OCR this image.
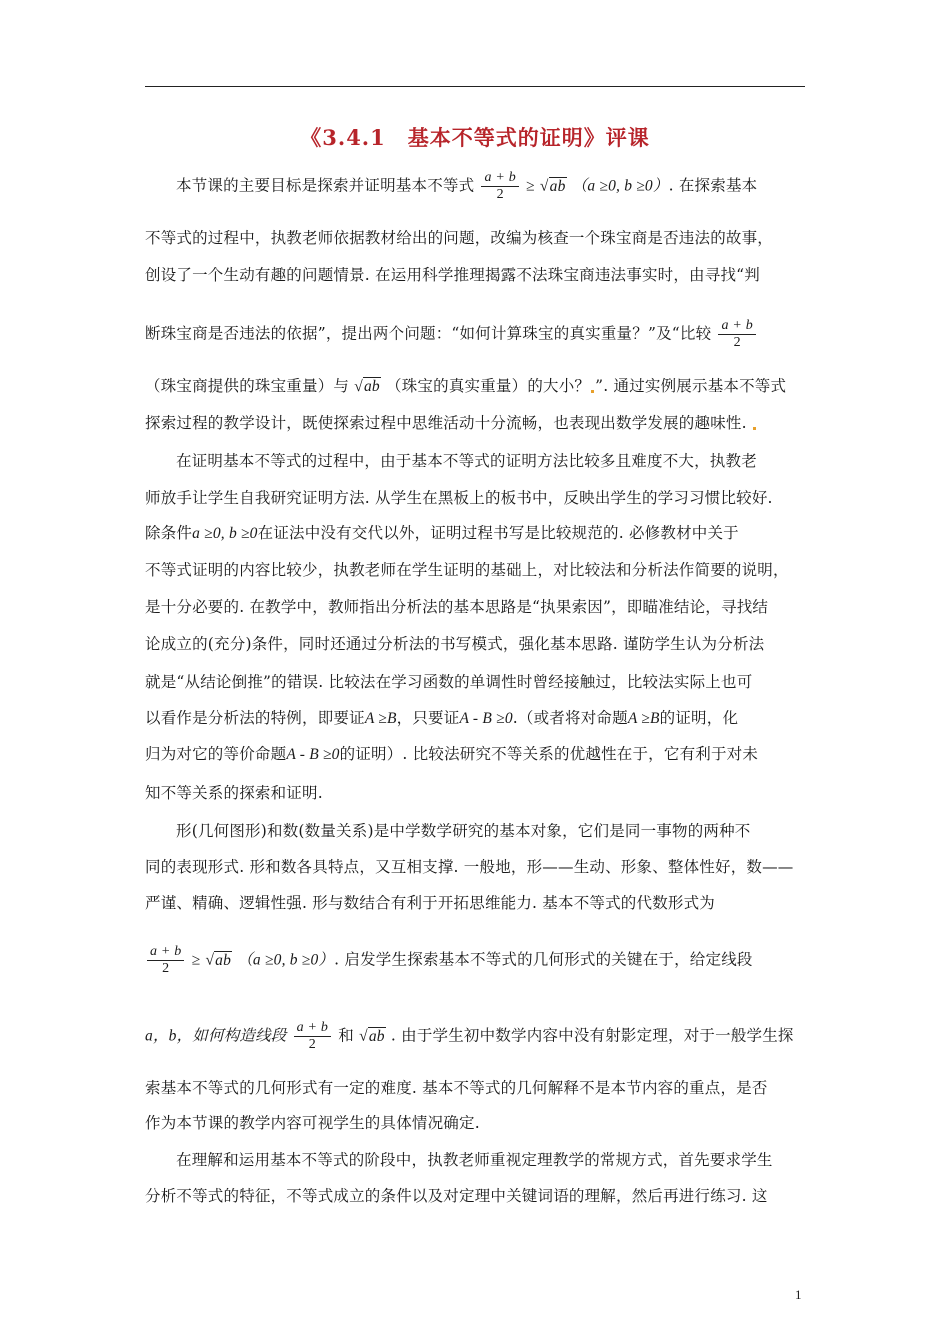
《3.4.1　基本不等式的证明》评课
本节课的主要目标是探索并证明基本不等式 $\frac{a + b}{2} \ge √ab$ （a ≥0, b ≥0）. 在探索基本
不等式的过程中，执教老师依据教材给出的问题，改编为核查一个珠宝商是否违法的故事，
创设了一个生动有趣的问题情景. 在运用科学推理揭露不法珠宝商违法事实时，由寻找“判
断珠宝商是否违法的依据”，提出两个问题：“如何计算珠宝的真实重量？”及“比较 $\frac{a + b}{2}$
（珠宝商提供的珠宝重量）与 √ab （珠宝的真实重量）的大小？ ”. 通过实例展示基本不等式
探索过程的教学设计，既使探索过程中思维活动十分流畅，也表现出数学发展的趣味性.
在证明基本不等式的过程中，由于基本不等式的证明方法比较多且难度不大，执教老
师放手让学生自我研究证明方法. 从学生在黑板上的板书中，反映出学生的学习习惯比较好.
除条件a ≥0, b ≥0在证法中没有交代以外，证明过程书写是比较规范的. 必修教材中关于
不等式证明的内容比较少，执教老师在学生证明的基础上，对比较法和分析法作简要的说明，
是十分必要的. 在教学中，教师指出分析法的基本思路是“执果索因”，即瞄准结论，寻找结
论成立的(充分)条件，同时还通过分析法的书写模式，强化基本思路. 谨防学生认为分析法
就是“从结论倒推”的错误. 比较法在学习函数的单调性时曾经接触过，比较法实际上也可
以看作是分析法的特例，即要证A ≥B，只要证A - B ≥0.（或者将对命题A ≥B的证明，化
归为对它的等价命题A - B ≥0的证明）. 比较法研究不等关系的优越性在于，它有利于对未
知不等关系的探索和证明.
形(几何图形)和数(数量关系)是中学数学研究的基本对象，它们是同一事物的两种不
同的表现形式. 形和数各具特点，又互相支撑. 一般地，形——生动、形象、整体性好，数——
严谨、精确、逻辑性强. 形与数结合有利于开拓思维能力. 基本不等式的代数形式为
$\frac{a + b}{2} \ge √ab$ （a ≥0, b ≥0）. 启发学生探索基本不等式的几何形式的关键在于，给定线段
a，b，如何构造线段 $\frac{a + b}{2}$ 和 √ab . 由于学生初中数学内容中没有射影定理，对于一般学生探
索基本不等式的几何形式有一定的难度. 基本不等式的几何解释不是本节内容的重点，是否
作为本节课的教学内容可视学生的具体情况确定.
在理解和运用基本不等式的阶段中，执教老师重视定理教学的常规方式，首先要求学生
分析不等式的特征，不等式成立的条件以及对定理中关键词语的理解，然后再进行练习. 这
1
